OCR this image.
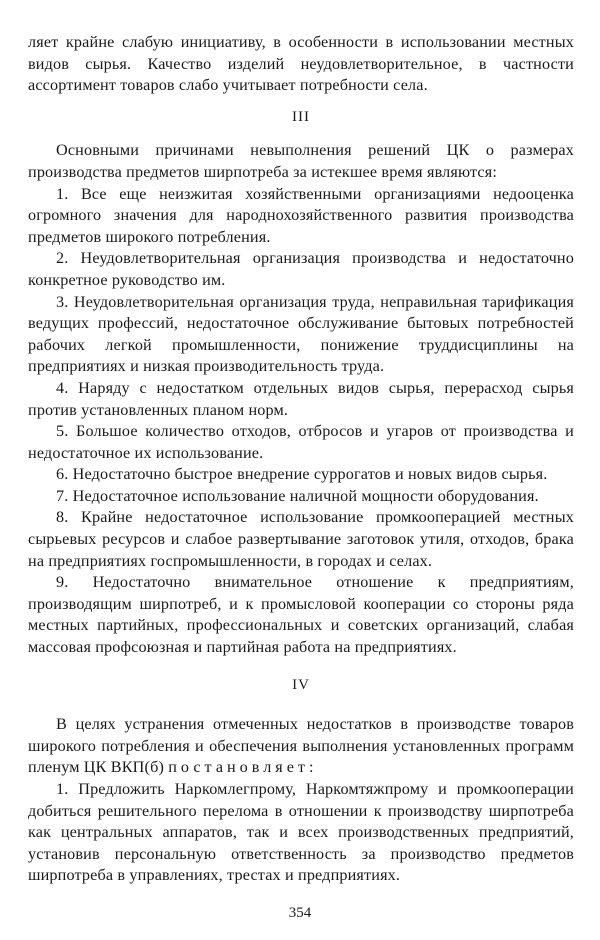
ляет крайне слабую инициативу, в особенности в использовании местных видов сырья. Качество изделий неудовлетворительное, в частности ассортимент товаров слабо учитывает потребности села.

III

Основными причинами невыполнения решений ЦК о размерах производства предметов ширпотреба за истекшее время являются:

1. Все еще неизжитая хозяйственными организациями недооценка огромного значения для народнохозяйственного развития производства предметов широкого потребления.

2. Неудовлетворительная организация производства и недостаточно конкретное руководство им.

3. Неудовлетворительная организация труда, неправильная тарификация ведущих профессий, недостаточное обслуживание бытовых потребностей рабочих легкой промышленности, понижение труддисциплины на предприятиях и низкая производительность труда.

4. Наряду с недостатком отдельных видов сырья, перерасход сырья против установленных планом норм.

5. Большое количество отходов, отбросов и угаров от производства и недостаточное их использование.

6. Недостаточно быстрое внедрение суррогатов и новых видов сырья.

7. Недостаточное использование наличной мощности оборудования.

8. Крайне недостаточное использование промкооперацией местных сырьевых ресурсов и слабое развертывание заготовок утиля, отходов, брака на предприятиях госпромышленности, в городах и селах.

9. Недостаточно внимательное отношение к предприятиям, производящим ширпотреб, и к промысловой кооперации со стороны ряда местных партийных, профессиональных и советских организаций, слабая массовая профсоюзная и партийная работа на предприятиях.

IV

В целях устранения отмеченных недостатков в производстве товаров широкого потребления и обеспечения выполнения установленных программ пленум ЦК ВКП(б) постановляет:

1. Предложить Наркомлегпрому, Наркомтяжпрому и промкооперации добиться решительного перелома в отношении к производству ширпотреба как центральных аппаратов, так и всех производственных предприятий, установив персональную ответственность за производство предметов ширпотреба в управлениях, трестах и предприятиях.

354
